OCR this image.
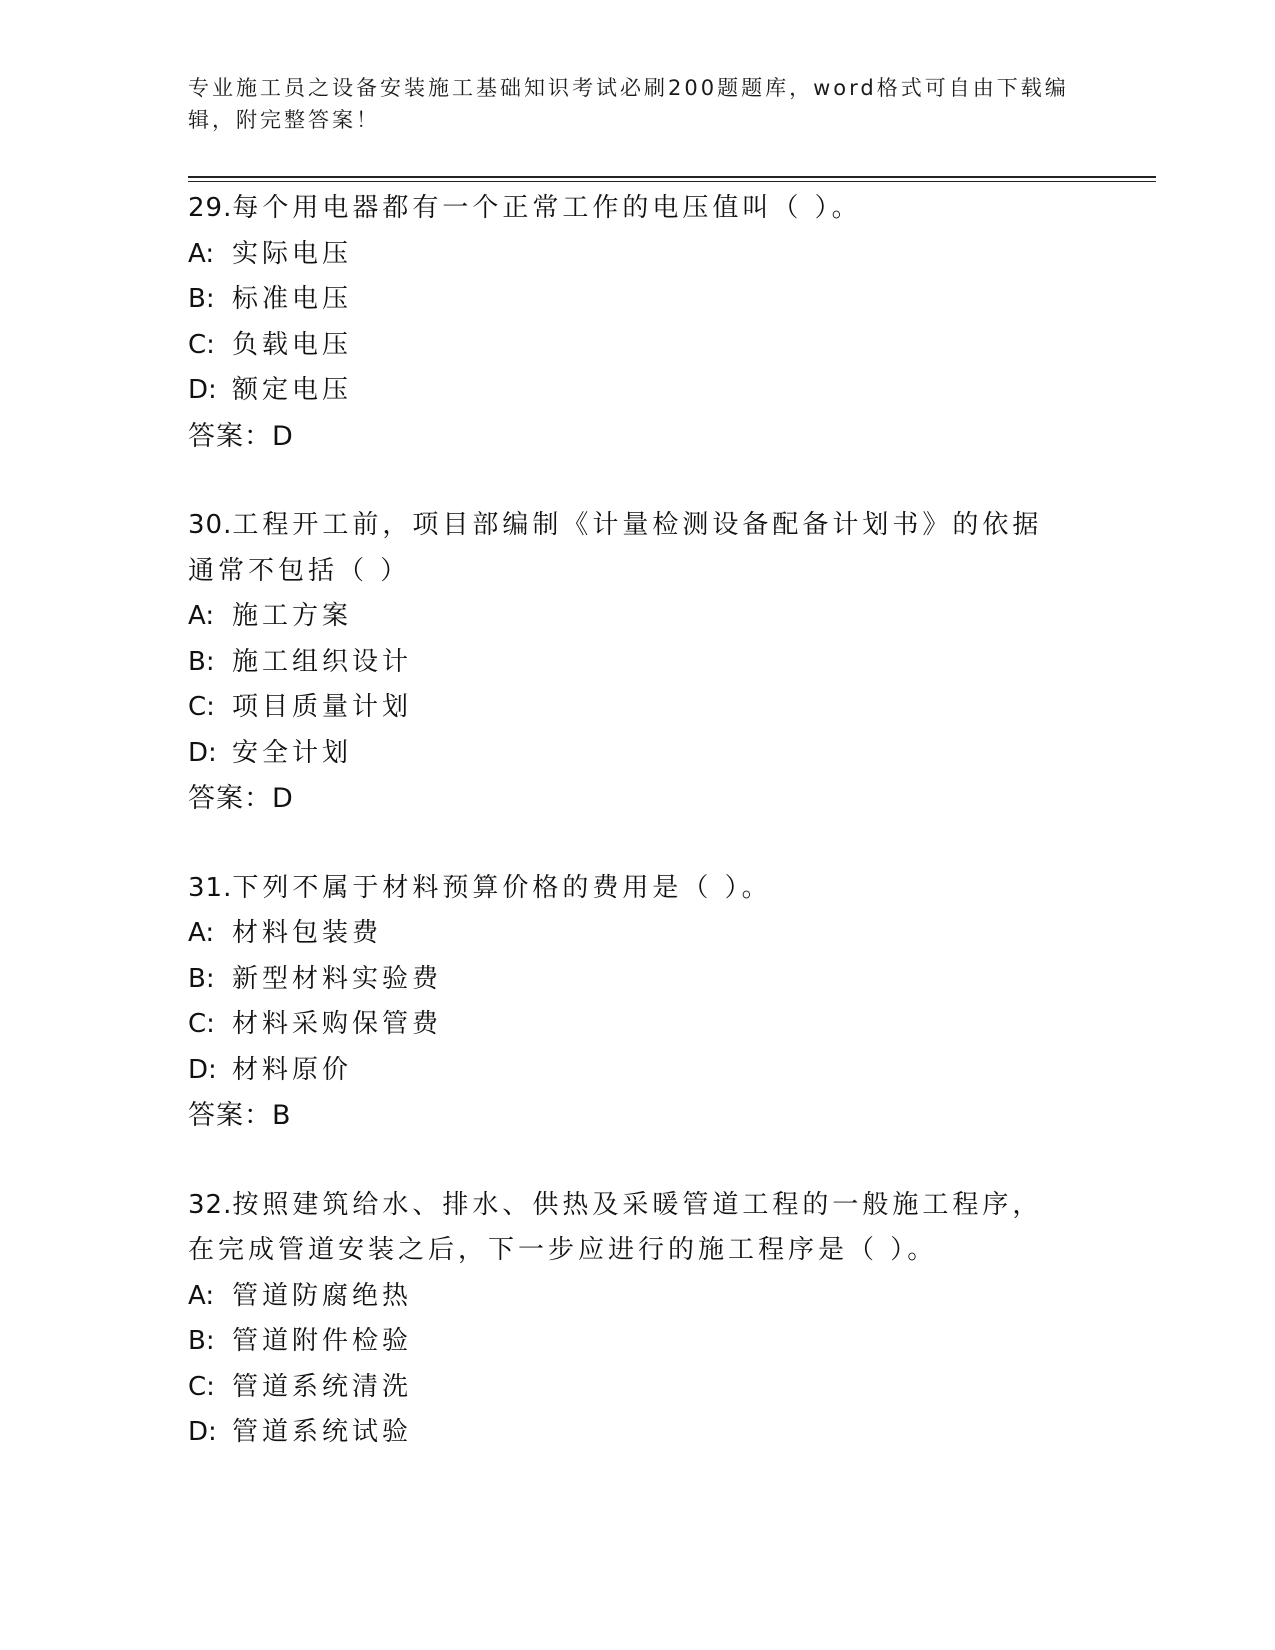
专业施工员之设备安装施工基础知识考试必刷200题题库，word格式可自由下载编辑，附完整答案！
29.每个用电器都有一个正常工作的电压值叫（ ）。
A: 实际电压
B: 标准电压
C: 负载电压
D: 额定电压
答案：D
30.工程开工前，项目部编制《计量检测设备配备计划书》的依据通常不包括（ ）
A: 施工方案
B: 施工组织设计
C: 项目质量计划
D: 安全计划
答案：D
31.下列不属于材料预算价格的费用是（ ）。
A: 材料包装费
B: 新型材料实验费
C: 材料采购保管费
D: 材料原价
答案：B
32.按照建筑给水、排水、供热及采暖管道工程的一般施工程序，在完成管道安装之后，下一步应进行的施工程序是（ ）。
A: 管道防腐绝热
B: 管道附件检验
C: 管道系统清洗
D: 管道系统试验
